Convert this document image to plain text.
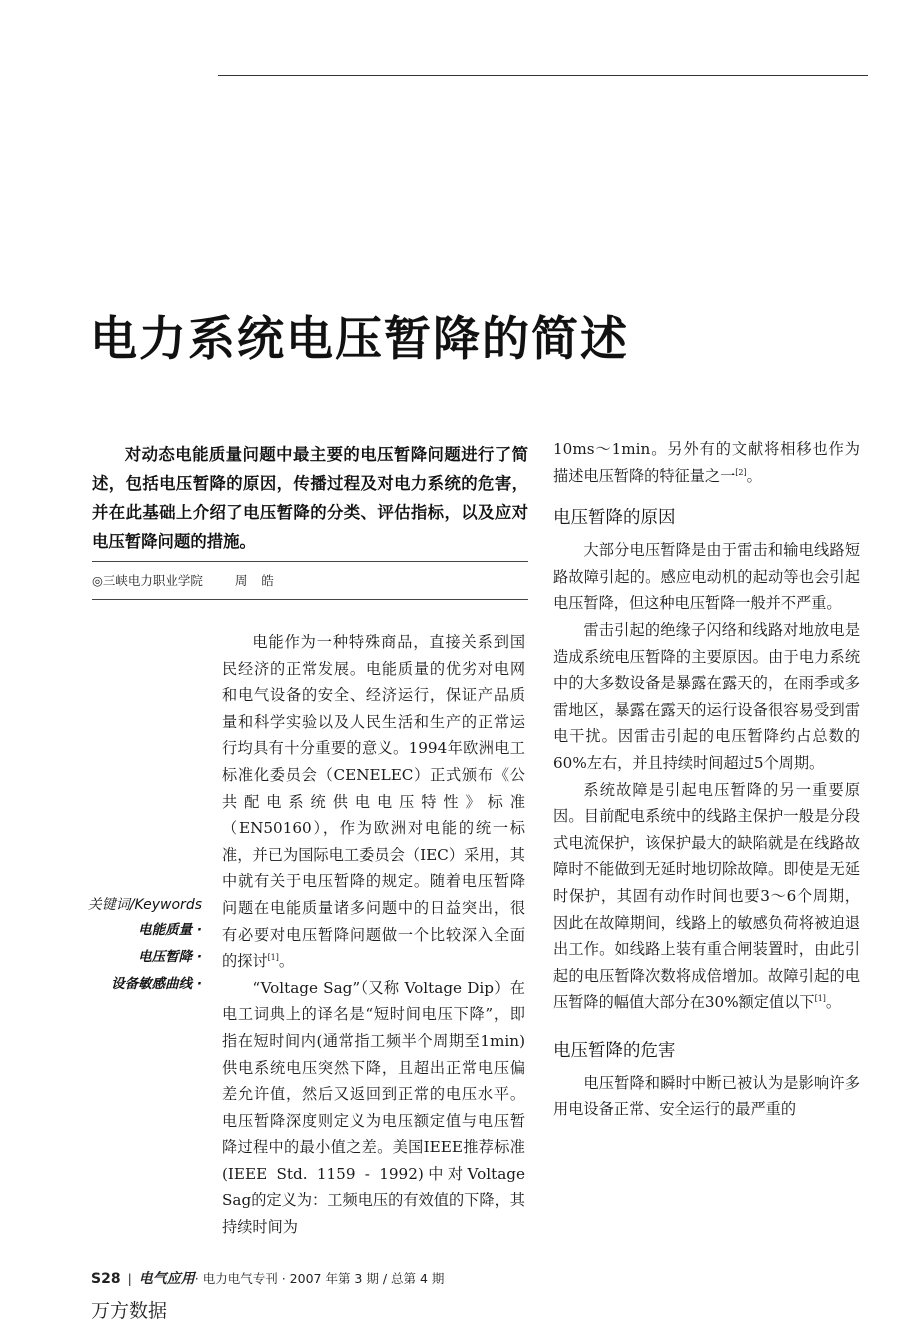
电力系统电压暂降的简述

对动态电能质量问题中最主要的电压暂降问题进行了简述，包括电压暂降的原因，传播过程及对电力系统的危害，并在此基础上介绍了电压暂降的分类、评估指标，以及应对电压暂降问题的措施。

◎三峡电力职业学院	周皓
关键词/Keywords
电能质量 ·
电压暂降 ·
设备敏感曲线 ·

电能作为一种特殊商品，直接关系到国民经济的正常发展。电能质量的优劣对电网和电气设备的安全、经济运行，保证产品质量和科学实验以及人民生活和生产的正常运行均具有十分重要的意义。1994年欧洲电工标准化委员会（CENELEC）正式颁布《公共配电系统供电电压特性》标准（EN50160），作为欧洲对电能的统一标准，并已为国际电工委员会（IEC）采用，其中就有关于电压暂降的规定。随着电压暂降问题在电能质量诸多问题中的日益突出，很有必要对电压暂降问题做一个比较深入全面的探讨[1]。

“Voltage Sag”（又称 Voltage Dip）在电工词典上的译名是“短时间电压下降”，即指在短时间内(通常指工频半个周期至1min)供电系统电压突然下降，且超出正常电压偏差允许值，然后又返回到正常的电压水平。电压暂降深度则定义为电压额定值与电压暂降过程中的最小值之差。美国IEEE推荐标准(IEEE Std. 1159 - 1992)中对Voltage Sag的定义为：工频电压的有效值的下降，其持续时间为

10ms～1min。另外有的文献将相移也作为描述电压暂降的特征量之一[2]。

电压暂降的原因

大部分电压暂降是由于雷击和输电线路短路故障引起的。感应电动机的起动等也会引起电压暂降，但这种电压暂降一般并不严重。

雷击引起的绝缘子闪络和线路对地放电是造成系统电压暂降的主要原因。由于电力系统中的大多数设备是暴露在露天的，在雨季或多雷地区，暴露在露天的运行设备很容易受到雷电干扰。因雷击引起的电压暂降约占总数的60%左右，并且持续时间超过5个周期。

系统故障是引起电压暂降的另一重要原因。目前配电系统中的线路主保护一般是分段式电流保护，该保护最大的缺陷就是在线路故障时不能做到无延时地切除故障。即使是无延时保护，其固有动作时间也要3～6个周期，因此在故障期间，线路上的敏感负荷将被迫退出工作。如线路上装有重合闸装置时，由此引起的电压暂降次数将成倍增加。故障引起的电压暂降的幅值大部分在30%额定值以下[1]。

电压暂降的危害

电压暂降和瞬时中断已被认为是影响许多用电设备正常、安全运行的最严重的

S28 | 电气应用· 电力电气专刊 · 2007 年第 3 期 / 总第 4 期
万方数据
